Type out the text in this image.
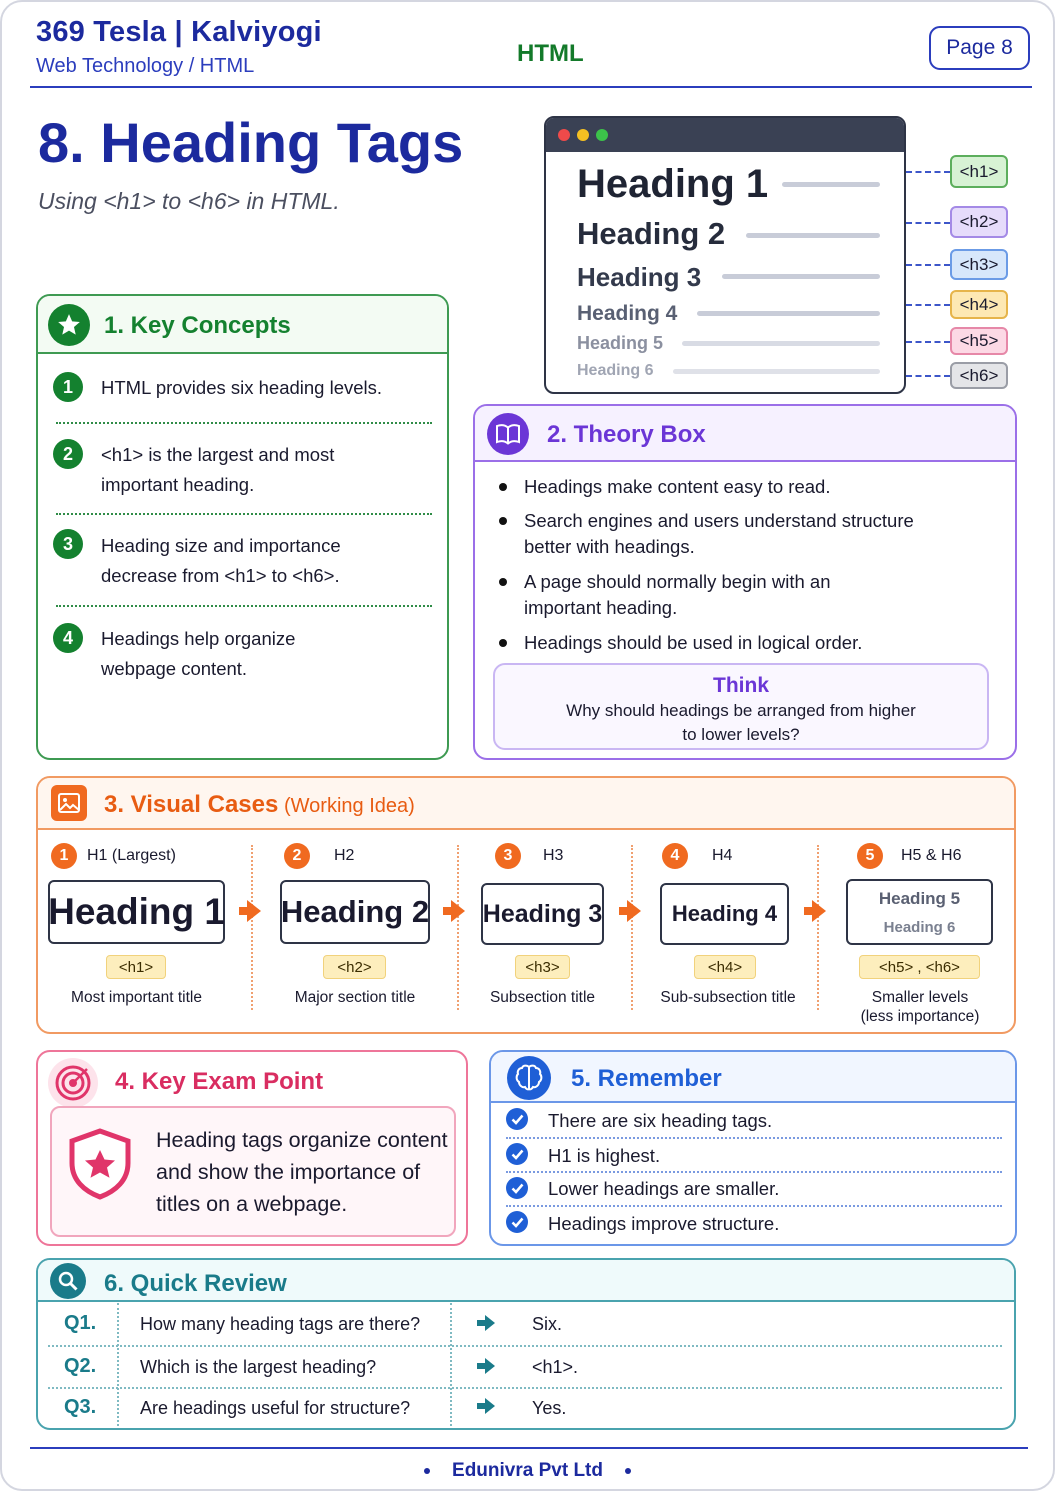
369 Tesla | Kalviyogi
Web Technology / HTML	HTML	Page 8
8. Heading Tags
Using <h1> to <h6> in HTML.	Heading 1
Heading 2
Heading 3
Heading 4
Heading 5
Heading 6
<h1>
<h2>
<h3>
<h4>
<h5>
<h6>
1. Key Concepts
1	HTML provides six heading levels.
2	<h1> is the largest and most
important heading.
3	Heading size and importance
decrease from <h1> to <h6>.
4	Headings help organize
webpage content.
2. Theory Box
Headings make content easy to read.
Search engines and users understand structure
better with headings.
A page should normally begin with an
important heading.
Headings should be used in logical order.
Think
Why should headings be arranged from higher
to lower levels?
3. Visual Cases (Working Idea)
1	H1 (Largest)
Heading 1
<h1>
Most important title
2	H2
Heading 2
<h2>
Major section title
3	H3
Heading 3
<h3>
Subsection title
4	H4
Heading 4
<h4>
Sub-subsection title
5	H5 & H6
Heading 5
Heading 6
<h5> , <h6>
Smaller levels
(less importance)
4. Key Exam Point
Heading tags organize content
and show the importance of
titles on a webpage.
5. Remember
There are six heading tags.
H1 is highest.
Lower headings are smaller.
Headings improve structure.
6. Quick Review
Q1. How many heading tags are there?	Six.
Q2. Which is the largest heading?	<h1>.
Q3. Are headings useful for structure?	Yes.
Edunivra Pvt Ltd
